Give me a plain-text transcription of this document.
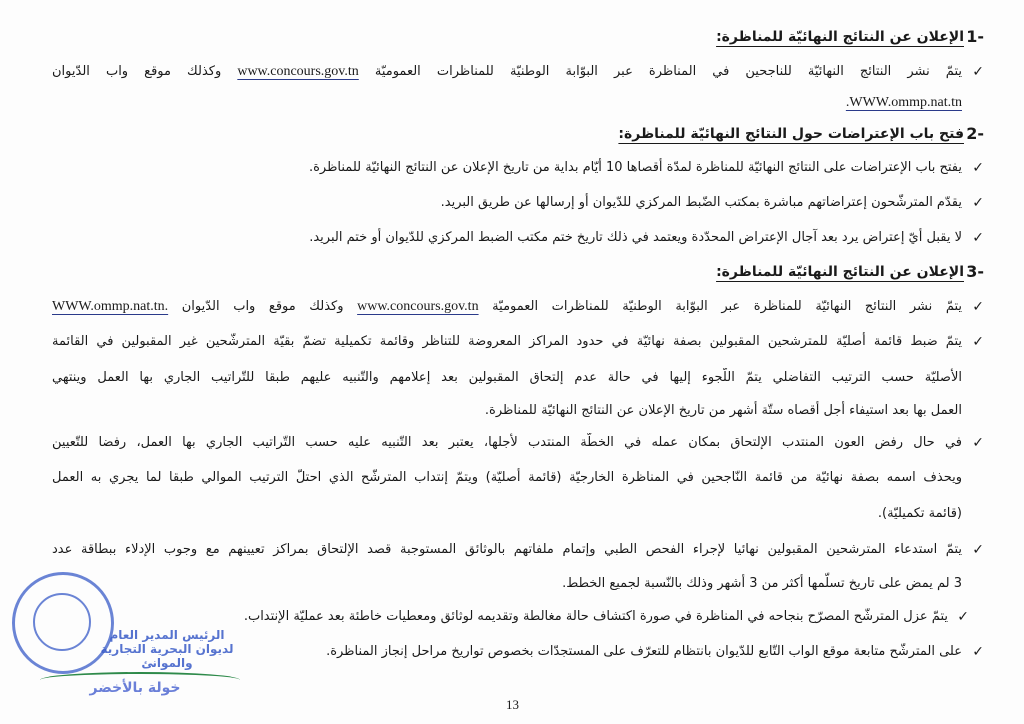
1-
الإعلان عن النتائج النهائيّة للمناظرة:
✓
يتمّ نشر النتائج النهائيّة للناجحين في المناظرة عبر البوّابة الوطنيّة للمناظرات العموميّة www.concours.gov.tn وكذلك موقع واب الدّيوان
.WWW.ommp.nat.tn
2-
فتح باب الإعتراضات حول النتائج النهائيّة للمناظرة:
✓
يفتح باب الإعتراضات على النتائج النهائيّة للمناظرة لمدّة أقصاها 10 أيّام بداية من تاريخ الإعلان عن النتائج النهائيّة للمناظرة.
✓
يقدّم المترشّحون إعتراضاتهم مباشرة بمكتب الضّبط المركزي للدّيوان أو إرسالها عن طريق البريد.
✓
لا يقبل أيّ إعتراض يرد بعد آجال الإعتراض المحدّدة ويعتمد في ذلك تاريخ ختم مكتب الضبط المركزي للدّيوان أو ختم البريد.
3-
الإعلان عن النتائج النهائيّة للمناظرة:
✓
يتمّ نشر النتائج النهائيّة للمناظرة عبر البوّابة الوطنيّة للمناظرات العموميّة www.concours.gov.tn وكذلك موقع واب الدّيوان WWW.ommp.nat.tn.
✓
يتمّ ضبط قائمة أصليّة للمترشحين المقبولين بصفة نهائيّة في حدود المراكز المعروضة للتناظر وقائمة تكميلية تضمّ بقيّة المترشّحين غير المقبولين في القائمة
الأصليّة حسب الترتيب التفاضلي يتمّ اللّجوء إليها في حالة عدم إلتحاق المقبولين بعد إعلامهم والتّنبيه عليهم طبقا للتّراتيب الجاري بها العمل وينتهي
العمل بها بعد استيفاء أجل أقصاه ستّة أشهر من تاريخ الإعلان عن النتائج النهائيّة للمناظرة.
✓
في حال رفض العون المنتدب الإلتحاق بمكان عمله في الخطّة المنتدب لأجلها، يعتبر بعد التّنبيه عليه حسب التّراتيب الجاري بها العمل، رفضا للتّعيين
ويحذف اسمه بصفة نهائيّة من قائمة النّاجحين في المناظرة الخارجيّة (قائمة أصليّة) ويتمّ إنتداب المترشّح الذي احتلّ الترتيب الموالي طبقا لما يجري به العمل
(قائمة تكميليّة).
✓
يتمّ استدعاء المترشحين المقبولين نهائيا لإجراء الفحص الطبي وإتمام ملفاتهم بالوثائق المستوجبة قصد الإلتحاق بمراكز تعيينهم مع وجوب الإدلاء ببطاقة عدد
3 لم يمض على تاريخ تسلّمها أكثر من 3 أشهر وذلك بالنّسبة لجميع الخطط.
✓
يتمّ عزل المترشّح المصرّح بنجاحه في المناظرة في صورة اكتشاف حالة مغالطة وتقديمه لوثائق ومعطيات خاطئة بعد عمليّة الإنتداب.
✓
على المترشّح متابعة موقع الواب التّابع للدّيوان بانتظام للتعرّف على المستجدّات بخصوص تواريخ مراحل إنجاز المناظرة.
الرئيس المدير العام
لديوان البحرية التجارية والموانئ
خولة بالأخضر
13
